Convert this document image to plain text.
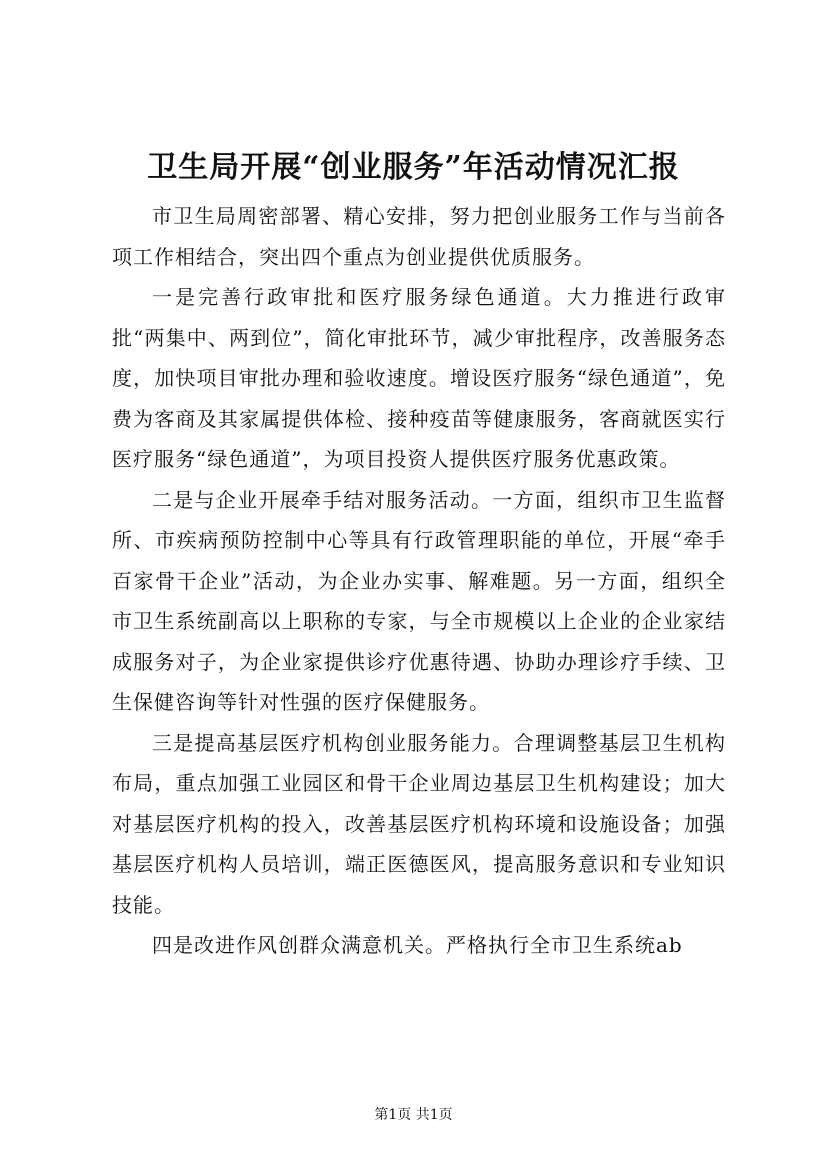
卫生局开展“创业服务”年活动情况汇报

市卫生局周密部署、精心安排，努力把创业服务工作与当前各项工作相结合，突出四个重点为创业提供优质服务。

一是完善行政审批和医疗服务绿色通道。大力推进行政审批“两集中、两到位”，简化审批环节，减少审批程序，改善服务态度，加快项目审批办理和验收速度。增设医疗服务“绿色通道”，免费为客商及其家属提供体检、接种疫苗等健康服务，客商就医实行医疗服务“绿色通道”，为项目投资人提供医疗服务优惠政策。

二是与企业开展牵手结对服务活动。一方面，组织市卫生监督所、市疾病预防控制中心等具有行政管理职能的单位，开展“牵手百家骨干企业”活动，为企业办实事、解难题。另一方面，组织全市卫生系统副高以上职称的专家，与全市规模以上企业的企业家结成服务对子，为企业家提供诊疗优惠待遇、协助办理诊疗手续、卫生保健咨询等针对性强的医疗保健服务。

三是提高基层医疗机构创业服务能力。合理调整基层卫生机构布局，重点加强工业园区和骨干企业周边基层卫生机构建设；加大对基层医疗机构的投入，改善基层医疗机构环境和设施设备；加强基层医疗机构人员培训，端正医德医风，提高服务意识和专业知识技能。

四是改进作风创群众满意机关。严格执行全市卫生系统ab

第1页 共1页
